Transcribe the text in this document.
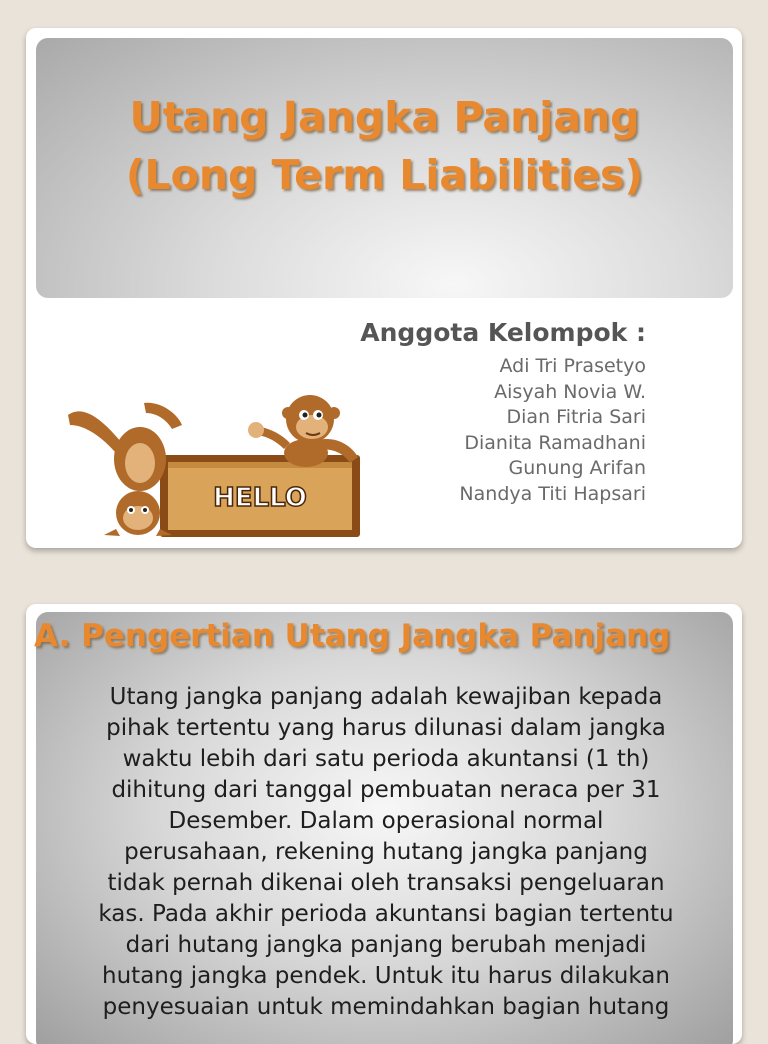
Utang Jangka Panjang
(Long Term Liabilities)
Anggota Kelompok :
Adi Tri Prasetyo
Aisyah Novia W.
Dian Fitria Sari
Dianita Ramadhani
Gunung Arifan
Nandya Titi Hapsari
HELLO
A. Pengertian Utang Jangka Panjang
Utang jangka panjang adalah kewajiban kepada
pihak tertentu yang harus dilunasi dalam jangka
waktu lebih dari satu perioda akuntansi (1 th)
dihitung dari tanggal pembuatan neraca per 31
Desember. Dalam operasional normal
perusahaan, rekening hutang jangka panjang
tidak pernah dikenai oleh transaksi pengeluaran
kas. Pada akhir perioda akuntansi bagian tertentu
dari hutang jangka panjang berubah menjadi
hutang jangka pendek. Untuk itu harus dilakukan
penyesuaian untuk memindahkan bagian hutang
